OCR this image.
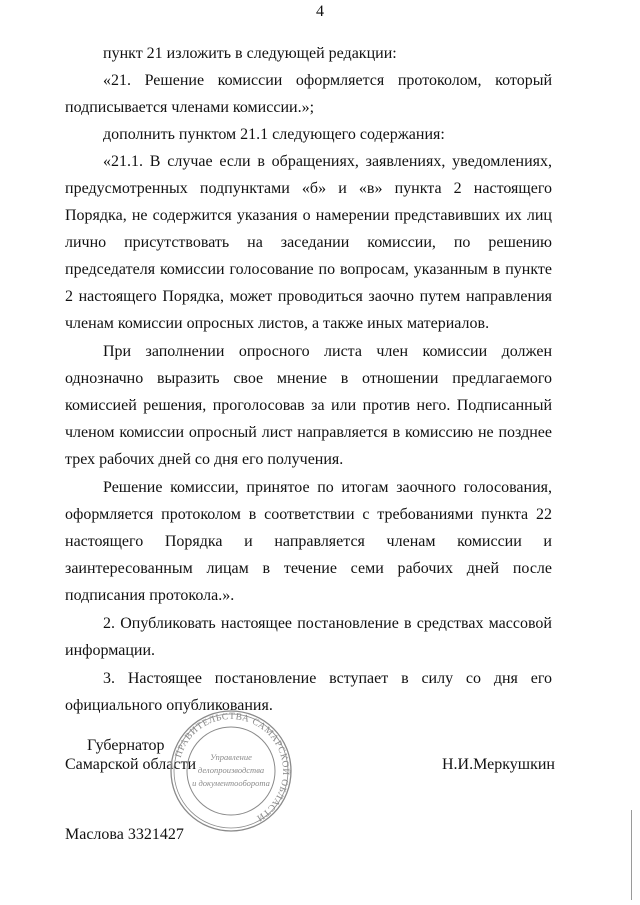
4

пункт 21 изложить в следующей редакции:

«21. Решение комиссии оформляется протоколом, который подписывается членами комиссии.»;

дополнить пунктом 21.1 следующего содержания:

«21.1. В случае если в обращениях, заявлениях, уведомлениях, предусмотренных подпунктами «б» и «в» пункта 2 настоящего Порядка, не содержится указания о намерении представивших их лиц лично присутствовать на заседании комиссии, по решению председателя комиссии голосование по вопросам, указанным в пункте 2 настоящего Порядка, может проводиться заочно путем направления членам комиссии опросных листов, а также иных материалов.

При заполнении опросного листа член комиссии должен однозначно выразить свое мнение в отношении предлагаемого комиссией решения, проголосовав за или против него. Подписанный членом комиссии опросный лист направляется в комиссию не позднее трех рабочих дней со дня его получения.

Решение комиссии, принятое по итогам заочного голосования, оформляется протоколом в соответствии с требованиями пункта 22 настоящего Порядка и направляется членам комиссии и заинтересованным лицам в течение семи рабочих дней после подписания протокола.».

2. Опубликовать настоящее постановление в средствах массовой информации.

3. Настоящее постановление вступает в силу со дня его официального опубликования.

Губернатор
Самарской области	Н.И.Меркушкин
ПРАВИТЕЛЬСТВА САМАРСКОЙ ОБЛАСТИ
Управление
делопроизводства
и документооборота
Маслова 3321427
